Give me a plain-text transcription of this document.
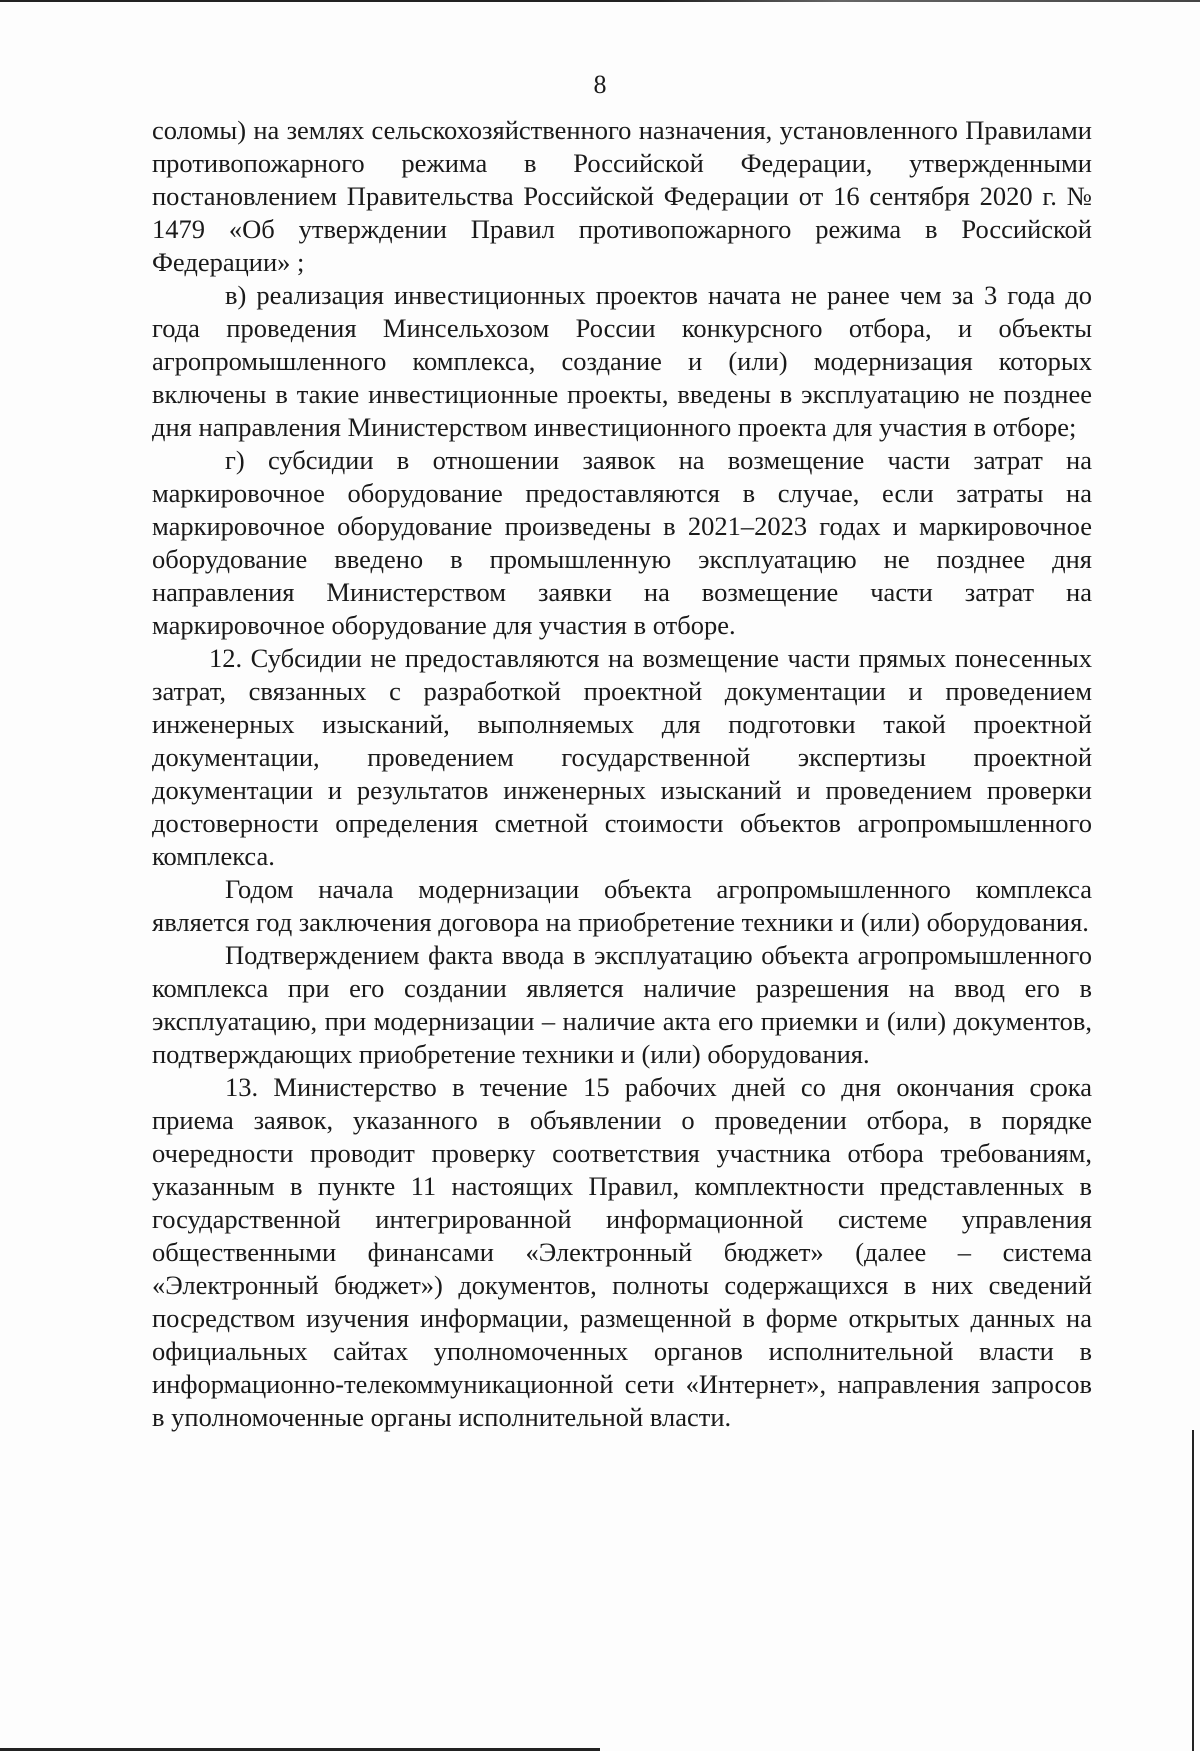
8

соломы) на землях сельскохозяйственного назначения, установленного Правилами противопожарного режима в Российской Федерации, утвержденными постановлением Правительства Российской Федерации от 16 сентября 2020 г. № 1479 «Об утверждении Правил противопожарного режима в Российской Федерации» ;

в) реализация инвестиционных проектов начата не ранее чем за 3 года до года проведения Минсельхозом России конкурсного отбора, и объекты агропромышленного комплекса, создание и (или) модернизация которых включены в такие инвестиционные проекты, введены в эксплуатацию не позднее дня направления Министерством инвестиционного проекта для участия в отборе;

г) субсидии в отношении заявок на возмещение части затрат на маркировочное оборудование предоставляются в случае, если затраты на маркировочное оборудование произведены в 2021–2023 годах и маркировочное оборудование введено в промышленную эксплуатацию не позднее дня направления Министерством заявки на возмещение части затрат на маркировочное оборудование для участия в отборе.

12. Субсидии не предоставляются на возмещение части прямых понесенных затрат, связанных с разработкой проектной документации и проведением инженерных изысканий, выполняемых для подготовки такой проектной документации, проведением государственной экспертизы проектной документации и результатов инженерных изысканий и проведением проверки достоверности определения сметной стоимости объектов агропромышленного комплекса.

Годом начала модернизации объекта агропромышленного комплекса является год заключения договора на приобретение техники и (или) оборудования.

Подтверждением факта ввода в эксплуатацию объекта агропромышленного комплекса при его создании является наличие разрешения на ввод его в эксплуатацию, при модернизации – наличие акта его приемки и (или) документов, подтверждающих приобретение техники и (или) оборудования.

13. Министерство в течение 15 рабочих дней со дня окончания срока приема заявок, указанного в объявлении о проведении отбора, в порядке очередности проводит проверку соответствия участника отбора требованиям, указанным в пункте 11 настоящих Правил, комплектности представленных в государственной интегрированной информационной системе управления общественными финансами «Электронный бюджет» (далее – система «Электронный бюджет») документов, полноты содержащихся в них сведений посредством изучения информации, размещенной в форме открытых данных на официальных сайтах уполномоченных органов исполнительной власти в информационно-телекоммуникационной сети «Интернет», направления запросов в уполномоченные органы исполнительной власти.
